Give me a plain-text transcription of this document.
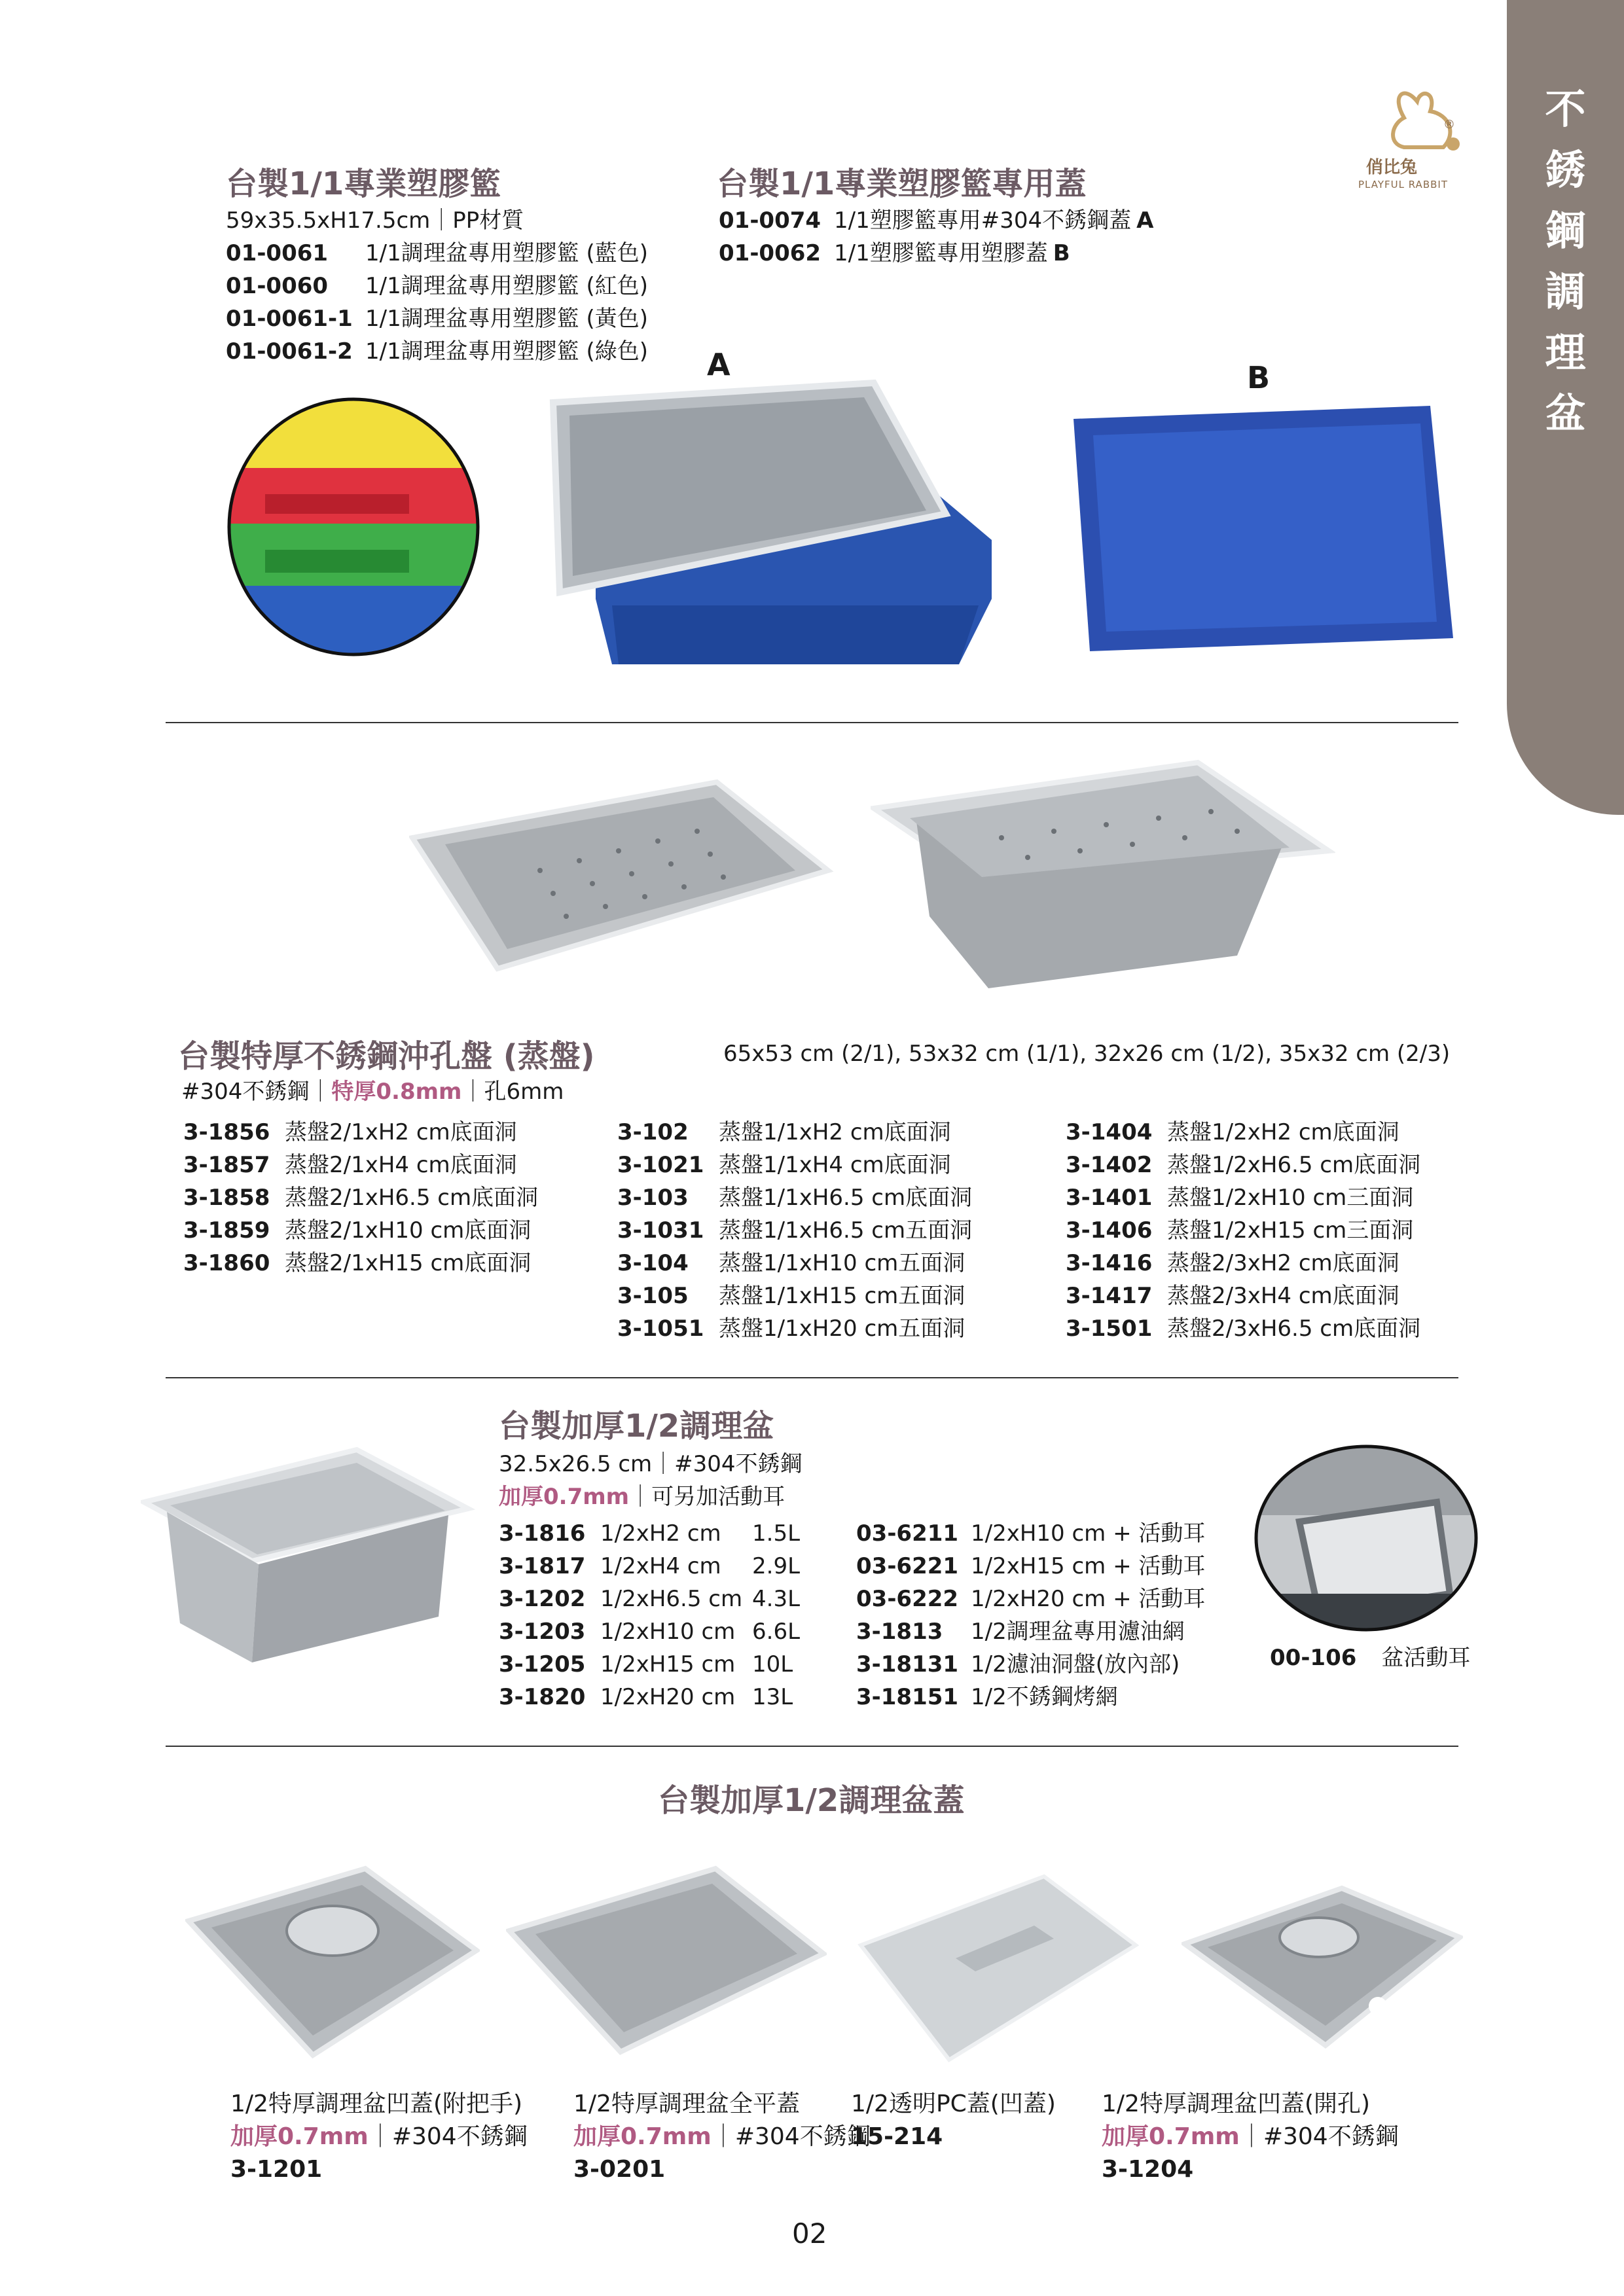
不銹鋼調理盆
俏比兔
®
PLAYFUL RABBIT
台製1/1專業塑膠籃
59x35.5xH17.5cm｜PP材質
01-0061	1/1調理盆專用塑膠籃 (藍色)
01-0060	1/1調理盆專用塑膠籃 (紅色)
01-0061-1 1/1調理盆專用塑膠籃 (黃色)
01-0061-2 1/1調理盆專用塑膠籃 (綠色)
台製1/1專業塑膠籃專用蓋
01-0074 1/1塑膠籃專用#304不銹鋼蓋 A
01-0062 1/1塑膠籃專用塑膠蓋 B
A	B
台製特厚不銹鋼沖孔盤 (蒸盤)	65x53 cm (2/1), 53x32 cm (1/1), 32x26 cm (1/2), 35x32 cm (2/3)
#304不銹鋼｜特厚0.8mm｜孔6mm
3-1856 蒸盤2/1xH2 cm底面洞
3-1857 蒸盤2/1xH4 cm底面洞
3-1858 蒸盤2/1xH6.5 cm底面洞
3-1859 蒸盤2/1xH10 cm底面洞
3-1860 蒸盤2/1xH15 cm底面洞
3-102	蒸盤1/1xH2 cm底面洞
3-1021 蒸盤1/1xH4 cm底面洞
3-103	蒸盤1/1xH6.5 cm底面洞
3-1031 蒸盤1/1xH6.5 cm五面洞
3-104	蒸盤1/1xH10 cm五面洞
3-105	蒸盤1/1xH15 cm五面洞
3-1051 蒸盤1/1xH20 cm五面洞
3-1404 蒸盤1/2xH2 cm底面洞
3-1402 蒸盤1/2xH6.5 cm底面洞
3-1401 蒸盤1/2xH10 cm三面洞
3-1406 蒸盤1/2xH15 cm三面洞
3-1416 蒸盤2/3xH2 cm底面洞
3-1417 蒸盤2/3xH4 cm底面洞
3-1501 蒸盤2/3xH6.5 cm底面洞
台製加厚1/2調理盆
32.5x26.5 cm｜#304不銹鋼
加厚0.7mm｜可另加活動耳
3-1816 1/2xH2 cm	1.5L
3-1817 1/2xH4 cm	2.9L
3-1202 1/2xH6.5 cm 4.3L
3-1203 1/2xH10 cm 6.6L
3-1205 1/2xH15 cm 10L
3-1820 1/2xH20 cm 13L
03-6211 1/2xH10 cm + 活動耳
03-6221 1/2xH15 cm + 活動耳
03-6222 1/2xH20 cm + 活動耳
3-1813	1/2調理盆專用濾油網
3-18131 1/2濾油洞盤(放內部)
3-18151 1/2不銹鋼烤網
00-106 盆活動耳
台製加厚1/2調理盆蓋
1/2特厚調理盆凹蓋(附把手)
加厚0.7mm｜#304不銹鋼
3-1201
1/2特厚調理盆全平蓋
加厚0.7mm｜#304不銹鋼
3-0201
1/2透明PC蓋(凹蓋)
15-214
1/2特厚調理盆凹蓋(開孔)
加厚0.7mm｜#304不銹鋼
3-1204
02
